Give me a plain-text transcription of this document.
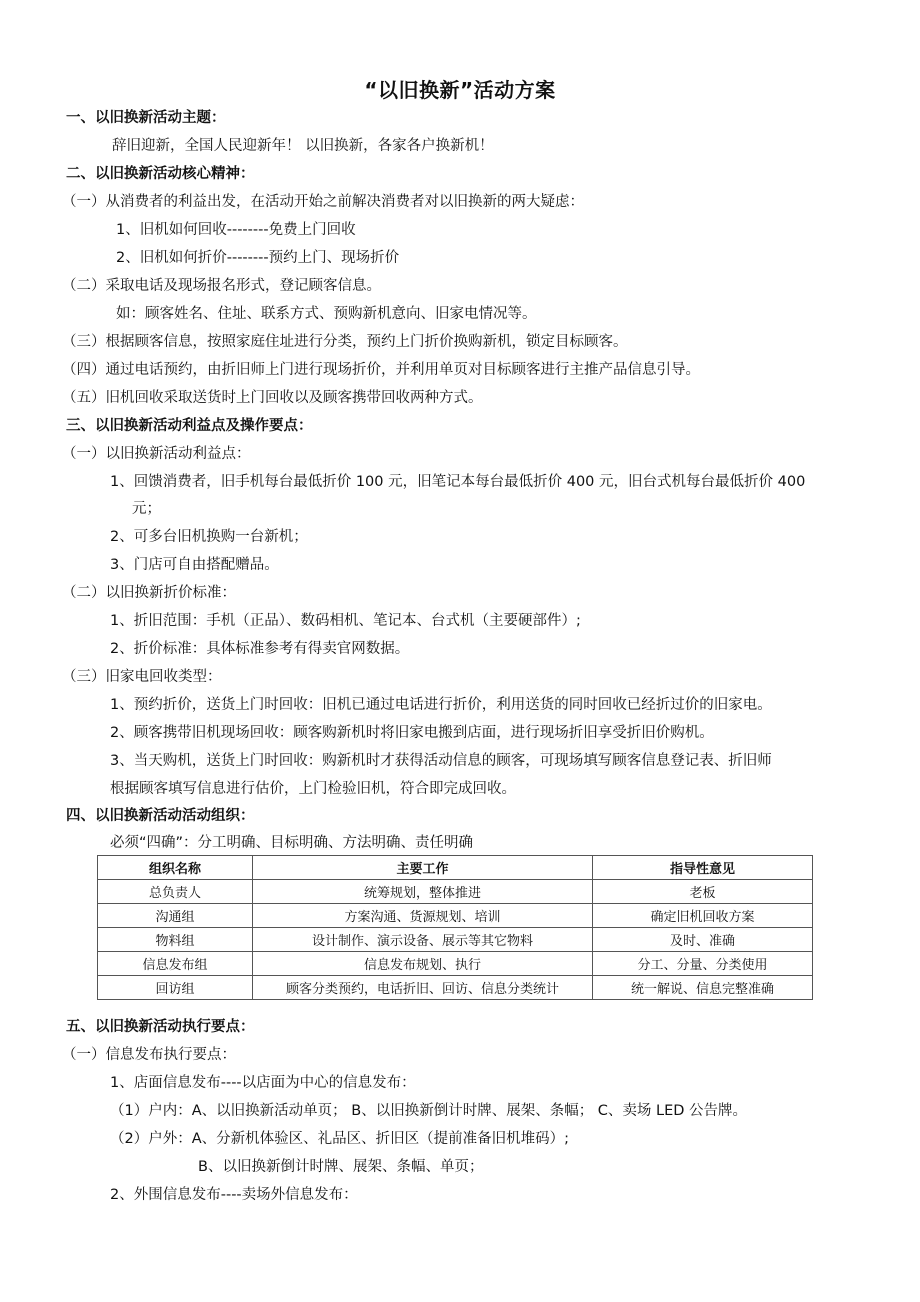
“以旧换新”活动方案
一、以旧换新活动主题：
辞旧迎新，全国人民迎新年！ 以旧换新，各家各户换新机！
二、以旧换新活动核心精神：
（一）从消费者的利益出发，在活动开始之前解决消费者对以旧换新的两大疑虑：
1、旧机如何回收--------免费上门回收
2、旧机如何折价--------预约上门、现场折价
（二）采取电话及现场报名形式，登记顾客信息。
如：顾客姓名、住址、联系方式、预购新机意向、旧家电情况等。
（三）根据顾客信息，按照家庭住址进行分类，预约上门折价换购新机，锁定目标顾客。
（四）通过电话预约，由折旧师上门进行现场折价，并利用单页对目标顾客进行主推产品信息引导。
（五）旧机回收采取送货时上门回收以及顾客携带回收两种方式。
三、以旧换新活动利益点及操作要点：
（一）以旧换新活动利益点：
1、回馈消费者，旧手机每台最低折价 100 元，旧笔记本每台最低折价 400 元，旧台式机每台最低折价 400
元；
2、可多台旧机换购一台新机；
3、门店可自由搭配赠品。
（二）以旧换新折价标准：
1、折旧范围：手机（正品）、数码相机、笔记本、台式机（主要硬部件）;
2、折价标准：具体标准参考有得卖官网数据。
（三）旧家电回收类型：
1、预约折价，送货上门时回收：旧机已通过电话进行折价，利用送货的同时回收已经折过价的旧家电。
2、顾客携带旧机现场回收：顾客购新机时将旧家电搬到店面，进行现场折旧享受折旧价购机。
3、当天购机，送货上门时回收：购新机时才获得活动信息的顾客，可现场填写顾客信息登记表、折旧师
根据顾客填写信息进行估价，上门检验旧机，符合即完成回收。
四、以旧换新活动活动组织：
必须“四确”：分工明确、目标明确、方法明确、责任明确
组织名称	主要工作	指导性意见
总负责人	统筹规划，整体推进	老板
沟通组	方案沟通、货源规划、培训	确定旧机回收方案
物料组	设计制作、演示设备、展示等其它物料	及时、准确
信息发布组	信息发布规划、执行	分工、分量、分类使用
回访组	顾客分类预约，电话折旧、回访、信息分类统计	统一解说、信息完整准确
五、以旧换新活动执行要点：
（一）信息发布执行要点：
1、店面信息发布----以店面为中心的信息发布：
（1）户内：A、以旧换新活动单页； B、以旧换新倒计时牌、展架、条幅； C、卖场 LED 公告牌。
（2）户外：A、分新机体验区、礼品区、折旧区（提前准备旧机堆码）;
B、以旧换新倒计时牌、展架、条幅、单页；
2、外围信息发布----卖场外信息发布：
